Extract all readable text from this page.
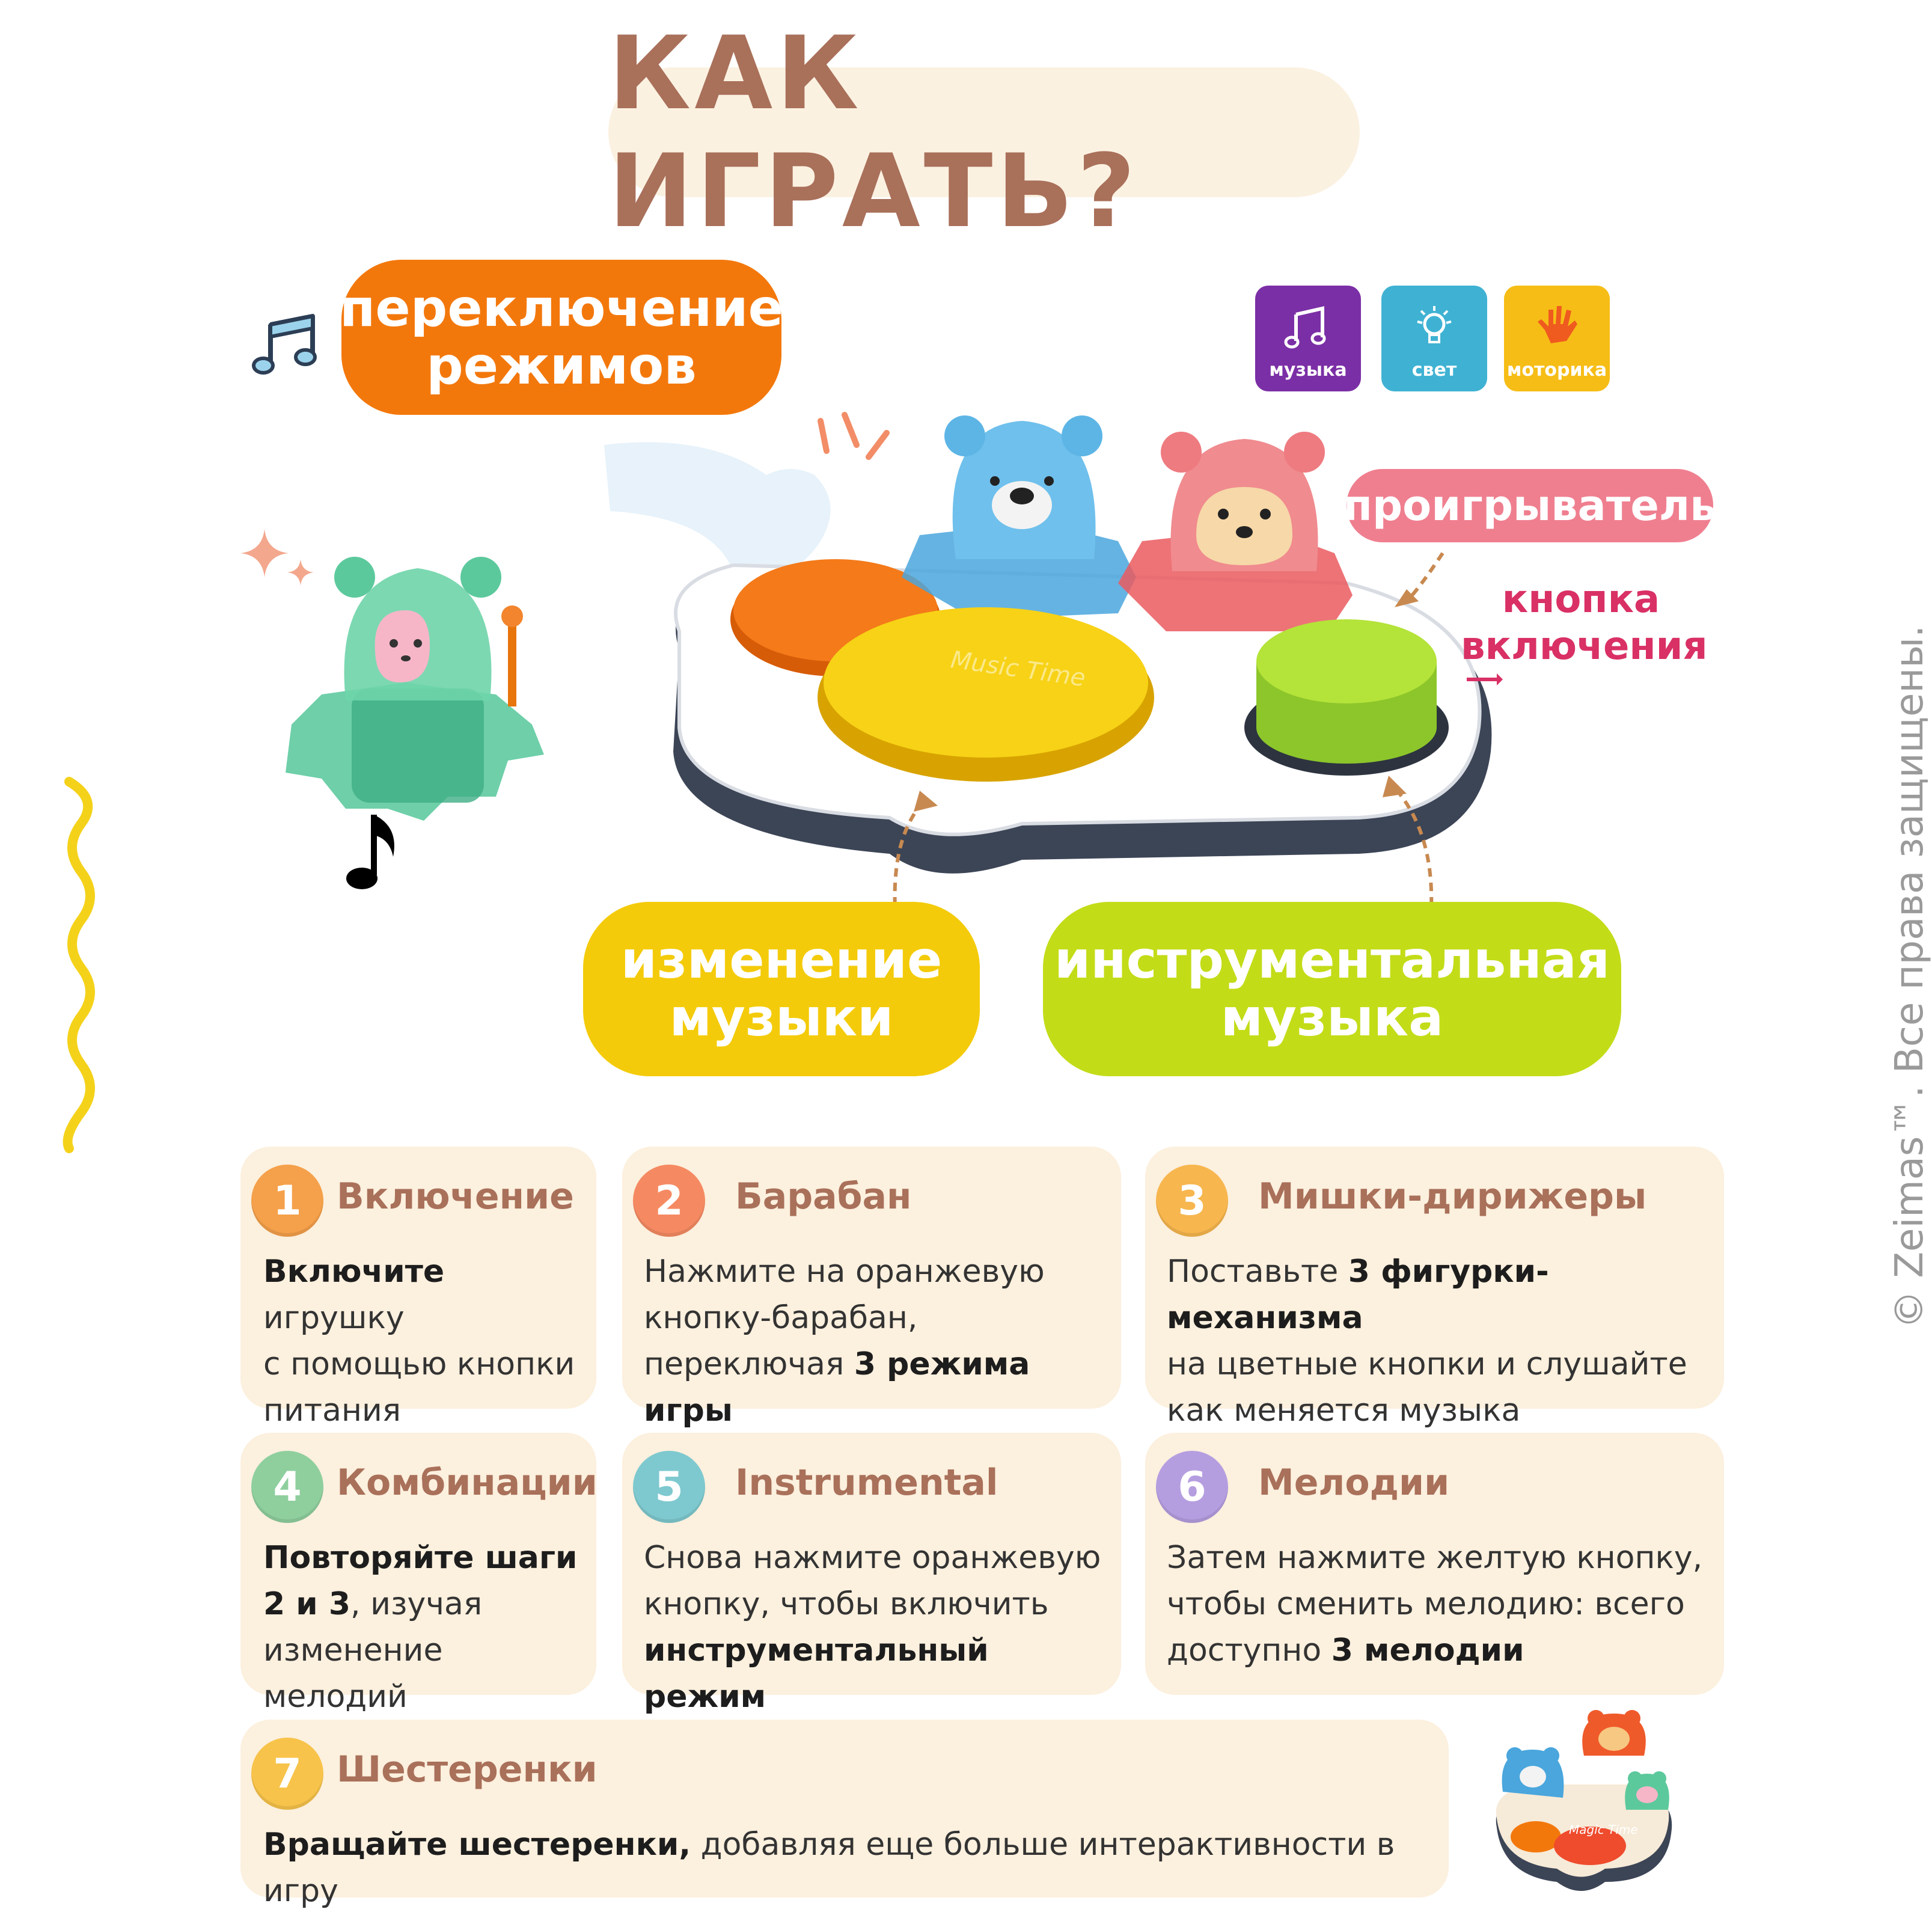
КАК ИГРАТЬ?
переключение
режимов	музыка	свет	моторика
Music Time
проигрыватель
кнопка
включения
изменение
музыки
инструментальная
музыка
1 Включение
Включите игрушку
с помощью кнопки
питания
2	Барабан
Нажмите на оранжевую
кнопку-барабан,
переключая 3 режима игры
3	Мишки-дирижеры
Поставьте 3 фигурки-механизма
на цветные кнопки и слушайте
как меняется музыка
4 Комбинации
Повторяйте шаги
2 и 3, изучая
изменение мелодий
5	Instrumental
Снова нажмите оранжевую
кнопку, чтобы включить
инструментальный режим
6	Мелодии
Затем нажмите желтую кнопку,
чтобы сменить мелодию: всего
доступно 3 мелодии
7 Шестеренки
Вращайте шестеренки, добавляя еще больше интерактивности в игру
Magic Time
© Zeimas™. Все права защищены.
